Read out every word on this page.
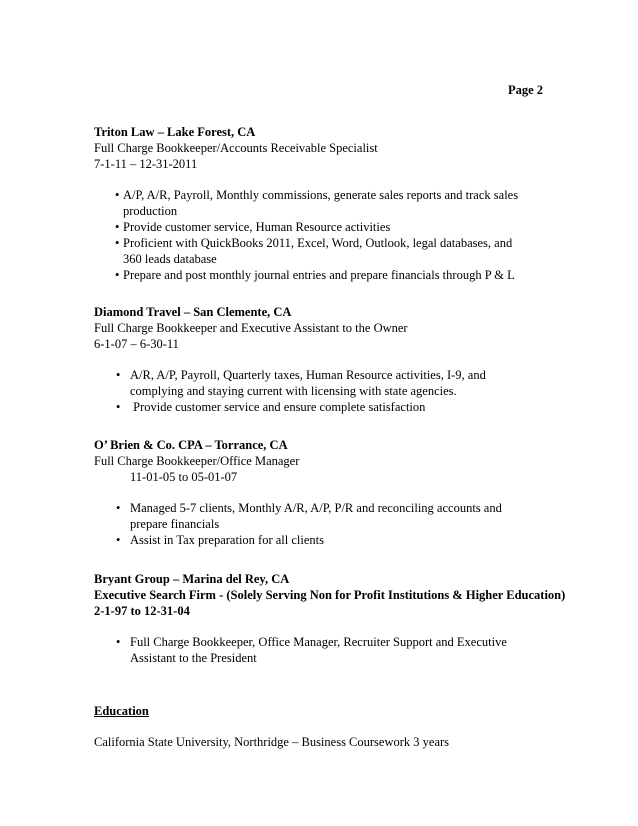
Page 2
Triton Law – Lake Forest, CA
Full Charge Bookkeeper/Accounts Receivable Specialist
7-1-11 – 12-31-2011
• A/P, A/R, Payroll, Monthly commissions, generate sales reports and track sales production
• Provide customer service, Human Resource activities
• Proficient with QuickBooks 2011, Excel, Word, Outlook, legal databases, and 360 leads database
• Prepare and post monthly journal entries and prepare financials through P & L
Diamond Travel – San Clemente, CA
Full Charge Bookkeeper and Executive Assistant to the Owner
6-1-07 – 6-30-11
• A/R, A/P, Payroll, Quarterly taxes, Human Resource activities, I-9, and complying and staying current with licensing with state agencies.
• Provide customer service and ensure complete satisfaction
O’ Brien & Co. CPA – Torrance, CA
Full Charge Bookkeeper/Office Manager
11-01-05 to 05-01-07
• Managed 5-7 clients, Monthly A/R, A/P, P/R and reconciling accounts and prepare financials
• Assist in Tax preparation for all clients
Bryant Group – Marina del Rey, CA
Executive Search Firm - (Solely Serving Non for Profit Institutions & Higher Education)
2-1-97 to 12-31-04
• Full Charge Bookkeeper, Office Manager, Recruiter Support and Executive Assistant to the President
Education
California State University, Northridge – Business Coursework 3 years
